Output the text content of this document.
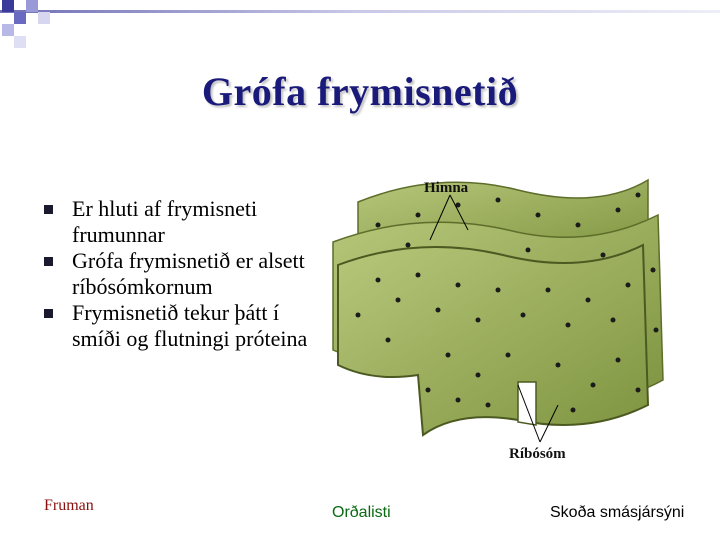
Grófa frymisnetið
Er hluti af frymisneti frumunnar
Grófa frymisnetið er alsett ríbósómkornum
Frymisnetið tekur þátt í smíði og flutningi próteina
Himna
Ríbósóm
Fruman	Orðalisti	Skoða smásjársýni
